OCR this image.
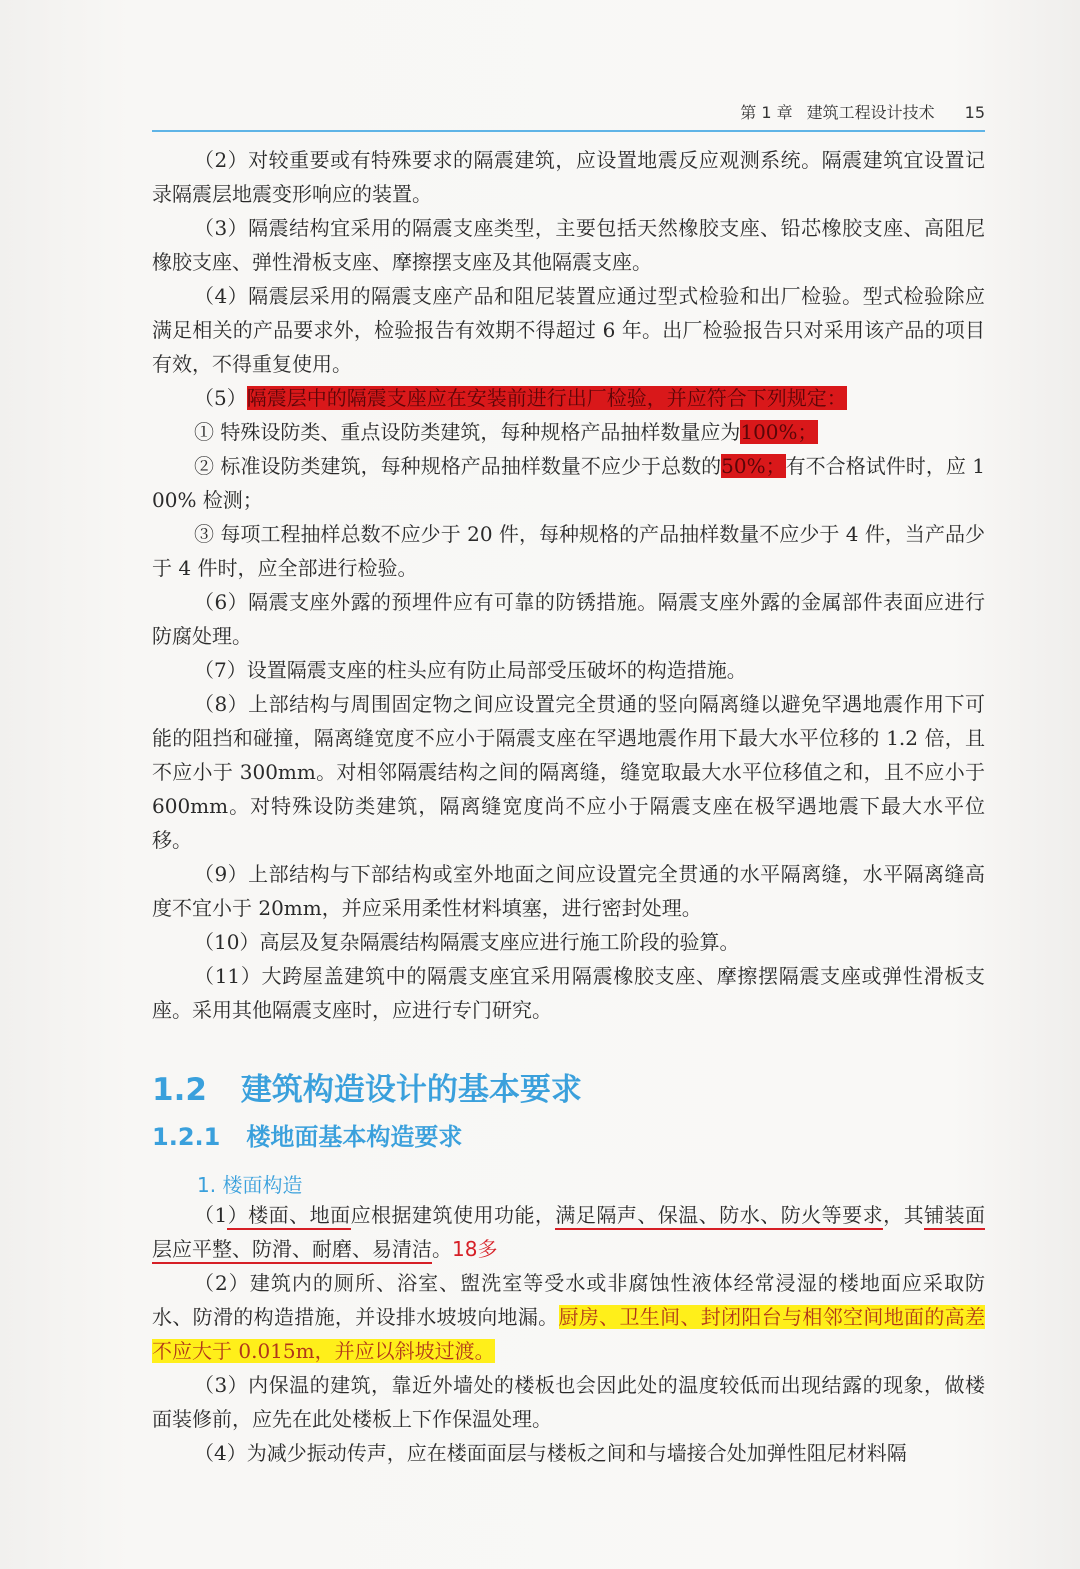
第 1 章 建筑工程设计技术 15

（2）对较重要或有特殊要求的隔震建筑，应设置地震反应观测系统。隔震建筑宜设置记录隔震层地震变形响应的装置。

（3）隔震结构宜采用的隔震支座类型，主要包括天然橡胶支座、铅芯橡胶支座、高阻尼橡胶支座、弹性滑板支座、摩擦摆支座及其他隔震支座。

（4）隔震层采用的隔震支座产品和阻尼装置应通过型式检验和出厂检验。型式检验除应满足相关的产品要求外，检验报告有效期不得超过 6 年。出厂检验报告只对采用该产品的项目有效，不得重复使用。

（5）隔震层中的隔震支座应在安装前进行出厂检验，并应符合下列规定：

① 特殊设防类、重点设防类建筑，每种规格产品抽样数量应为100%；

② 标准设防类建筑，每种规格产品抽样数量不应少于总数的50%；有不合格试件时，应 100% 检测；

③ 每项工程抽样总数不应少于 20 件，每种规格的产品抽样数量不应少于 4 件，当产品少于 4 件时，应全部进行检验。

（6）隔震支座外露的预埋件应有可靠的防锈措施。隔震支座外露的金属部件表面应进行防腐处理。

（7）设置隔震支座的柱头应有防止局部受压破坏的构造措施。

（8）上部结构与周围固定物之间应设置完全贯通的竖向隔离缝以避免罕遇地震作用下可能的阻挡和碰撞，隔离缝宽度不应小于隔震支座在罕遇地震作用下最大水平位移的 1.2 倍，且不应小于 300mm。对相邻隔震结构之间的隔离缝，缝宽取最大水平位移值之和，且不应小于 600mm。对特殊设防类建筑，隔离缝宽度尚不应小于隔震支座在极罕遇地震下最大水平位移。

（9）上部结构与下部结构或室外地面之间应设置完全贯通的水平隔离缝，水平隔离缝高度不宜小于 20mm，并应采用柔性材料填塞，进行密封处理。

（10）高层及复杂隔震结构隔震支座应进行施工阶段的验算。

（11）大跨屋盖建筑中的隔震支座宜采用隔震橡胶支座、摩擦摆隔震支座或弹性滑板支座。采用其他隔震支座时，应进行专门研究。

1.2 建筑构造设计的基本要求
1.2.1 楼地面基本构造要求
1. 楼面构造

（1）楼面、地面应根据建筑使用功能，满足隔声、保温、防水、防火等要求，其铺装面层应平整、防滑、耐磨、易清洁。18多

（2）建筑内的厕所、浴室、盥洗室等受水或非腐蚀性液体经常浸湿的楼地面应采取防水、防滑的构造措施，并设排水坡坡向地漏。厨房、卫生间、封闭阳台与相邻空间地面的高差不应大于 0.015m，并应以斜坡过渡。

（3）内保温的建筑，靠近外墙处的楼板也会因此处的温度较低而出现结露的现象，做楼面装修前，应先在此处楼板上下作保温处理。

（4）为减少振动传声，应在楼面面层与楼板之间和与墙接合处加弹性阻尼材料隔
